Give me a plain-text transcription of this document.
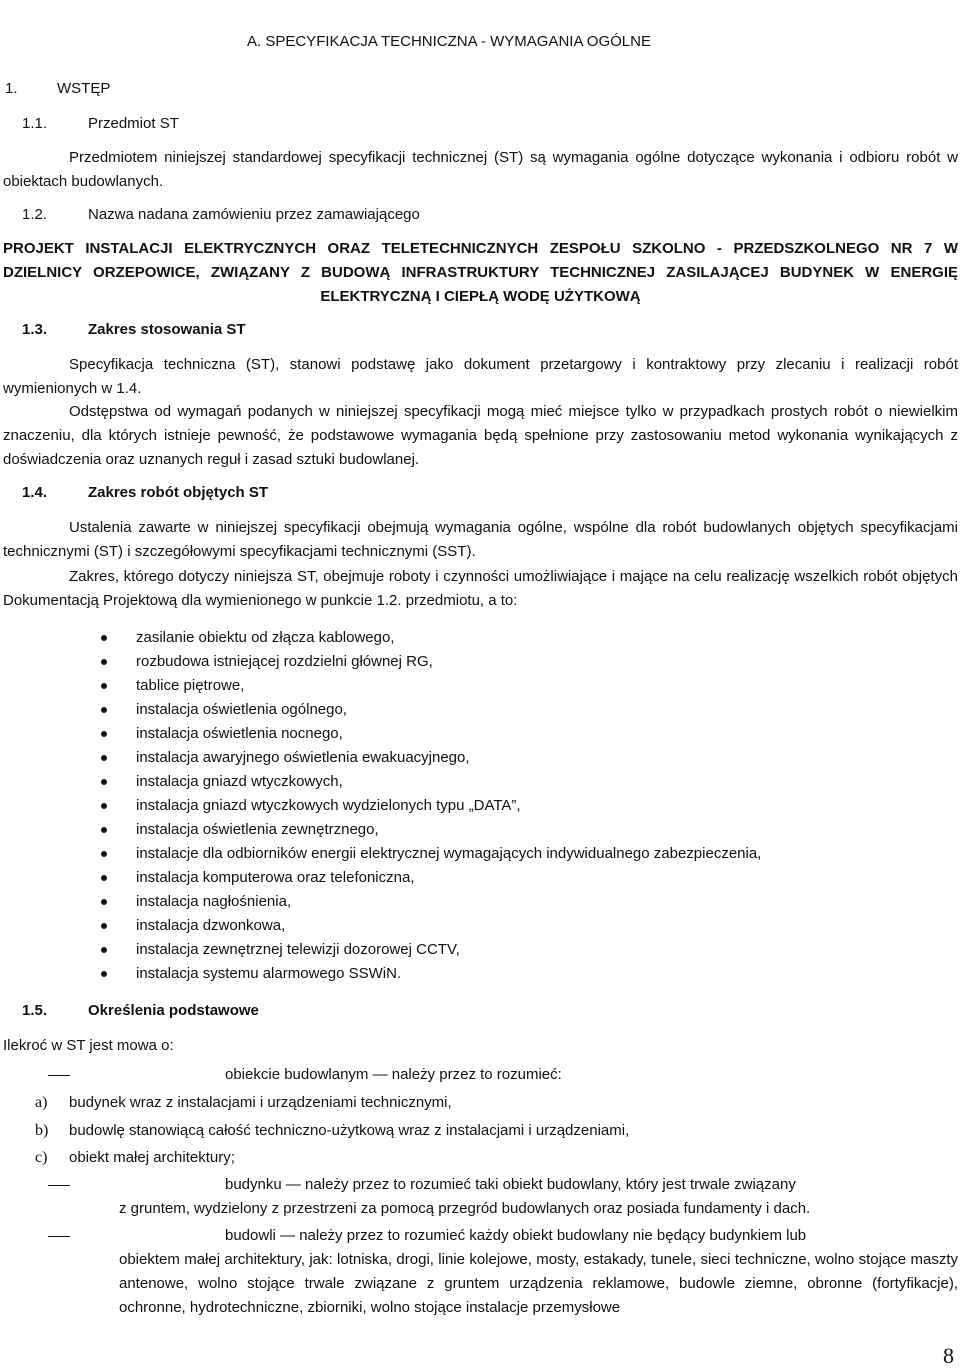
A. SPECYFIKACJA TECHNICZNA - WYMAGANIA OGÓLNE
1.	WSTĘP
1.1.	Przedmiot ST
Przedmiotem niniejszej standardowej specyfikacji technicznej (ST) są wymagania ogólne dotyczące wykonania i odbioru robót w obiektach budowlanych.
1.2.	Nazwa nadana zamówieniu przez zamawiającego
PROJEKT INSTALACJI ELEKTRYCZNYCH ORAZ TELETECHNICZNYCH ZESPOŁU SZKOLNO - PRZEDSZKOLNEGO NR 7 W DZIELNICY ORZEPOWICE, ZWIĄZANY Z BUDOWĄ INFRASTRUKTURY TECHNICZNEJ ZASILAJĄCEJ BUDYNEK W ENERGIĘ ELEKTRYCZNĄ I CIEPŁĄ WODĘ UŻYTKOWĄ
1.3.	Zakres stosowania ST
Specyfikacja techniczna (ST), stanowi podstawę jako dokument przetargowy i kontraktowy przy zlecaniu i realizacji robót wymienionych w 1.4.
Odstępstwa od wymagań podanych w niniejszej specyfikacji mogą mieć miejsce tylko w przypadkach prostych robót o niewielkim znaczeniu, dla których istnieje pewność, że podstawowe wymagania będą spełnione przy zastosowaniu metod wykonania wynikających z doświadczenia oraz uznanych reguł i zasad sztuki budowlanej.
1.4.	Zakres robót objętych ST
Ustalenia zawarte w niniejszej specyfikacji obejmują wymagania ogólne, wspólne dla robót budowlanych objętych specyfikacjami technicznymi (ST) i szczegółowymi specyfikacjami technicznymi (SST).
Zakres, którego dotyczy niniejsza ST, obejmuje roboty i czynności umożliwiające i mające na celu realizację wszelkich robót objętych Dokumentacją Projektową dla wymienionego w punkcie 1.2. przedmiotu, a to:
zasilanie obiektu od złącza kablowego,
rozbudowa istniejącej rozdzielni głównej RG,
tablice piętrowe,
instalacja oświetlenia ogólnego,
instalacja oświetlenia nocnego,
instalacja awaryjnego oświetlenia ewakuacyjnego,
instalacja gniazd wtyczkowych,
instalacja gniazd wtyczkowych wydzielonych typu „DATA”,
instalacja oświetlenia zewnętrznego,
instalacje dla odbiorników energii elektrycznej wymagających indywidualnego zabezpieczenia,
instalacja komputerowa oraz telefoniczna,
instalacja nagłośnienia,
instalacja dzwonkowa,
instalacja zewnętrznej telewizji dozorowej CCTV,
instalacja systemu alarmowego SSWiN.
1.5.	Określenia podstawowe
Ilekroć w ST jest mowa o:
obiekcie budowlanym — należy przez to rozumieć:
a) budynek wraz z instalacjami i urządzeniami technicznymi,
b) budowlę stanowiącą całość techniczno-użytkową wraz z instalacjami i urządzeniami,
c) obiekt małej architektury;
budynku — należy przez to rozumieć taki obiekt budowlany, który jest trwale związany
z gruntem, wydzielony z przestrzeni za pomocą przegród budowlanych oraz posiada fundamenty i dach.
budowli — należy przez to rozumieć każdy obiekt budowlany nie będący budynkiem lub
obiektem małej architektury, jak: lotniska, drogi, linie kolejowe, mosty, estakady, tunele, sieci techniczne, wolno stojące maszty antenowe, wolno stojące trwale związane z gruntem urządzenia reklamowe, budowle ziemne, obronne (fortyfikacje), ochronne, hydrotechniczne, zbiorniki, wolno stojące instalacje przemysłowe
8
